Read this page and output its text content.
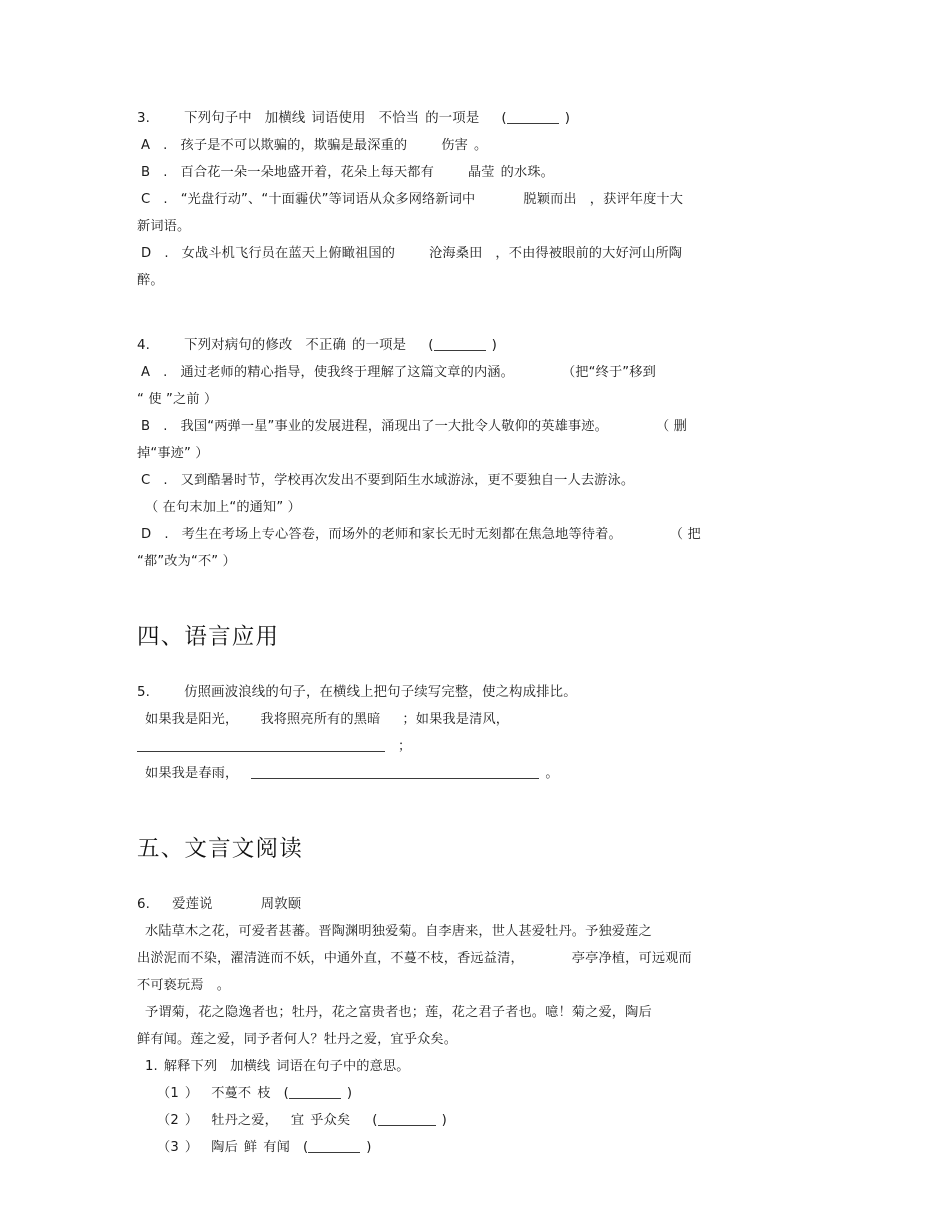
3.	下列句子中 加横线 词语使用 不恰当 的一项是 (	)
A . 孩子是不可以欺骗的，欺骗是最深重的	伤害 。
B . 百合花一朵一朵地盛开着，花朵上每天都有	晶莹 的水珠。
C . “光盘行动”、“十面霾伏”等词语从众多网络新词中	脱颖而出 ，获评年度十大
新词语。
D . 女战斗机飞行员在蓝天上俯瞰祖国的	沧海桑田 ，不由得被眼前的大好河山所陶
醉。
4.	下列对病句的修改 不正确 的一项是 (	)
A . 通过老师的精心指导，使我终于理解了这篇文章的内涵。	（把“终于”移到
“ 使 ”之前 ）
B . 我国“两弹一星”事业的发展进程，涌现出了一大批令人敬仰的英雄事迹。	（ 删
掉“事迹” ）
C . 又到酷暑时节，学校再次发出不要到陌生水域游泳，更不要独自一人去游泳。
（ 在句末加上“的通知” ）
D . 考生在考场上专心答卷，而场外的老师和家长无时无刻都在焦急地等待着。	（ 把
“都”改为“不” ）
四、语言应用
5.	仿照画波浪线的句子，在横线上把句子续写完整，使之构成排比。
如果我是阳光， 我将照亮所有的黑暗 ；如果我是清风，
；
如果我是春雨，	。
五、文言文阅读
6. 爱莲说	周敦颐
水陆草木之花，可爱者甚蕃。晋陶渊明独爱菊。自李唐来，世人甚爱牡丹。予独爱莲之
出淤泥而不染，濯清涟而不妖，中通外直，不蔓不枝，香远益清，	亭亭净植，可远观而
不可亵玩焉 。
予谓菊，花之隐逸者也；牡丹，花之富贵者也；莲，花之君子者也。噫！菊之爱，陶后
鲜有闻。莲之爱，同予者何人？牡丹之爱，宜乎众矣。
1. 解释下列 加横线 词语在句子中的意思。
（1 ） 不蔓不 枝 (	)
（2 ） 牡丹之爱， 宜 乎众矣 (	)
（3 ） 陶后 鲜 有闻 (	)
